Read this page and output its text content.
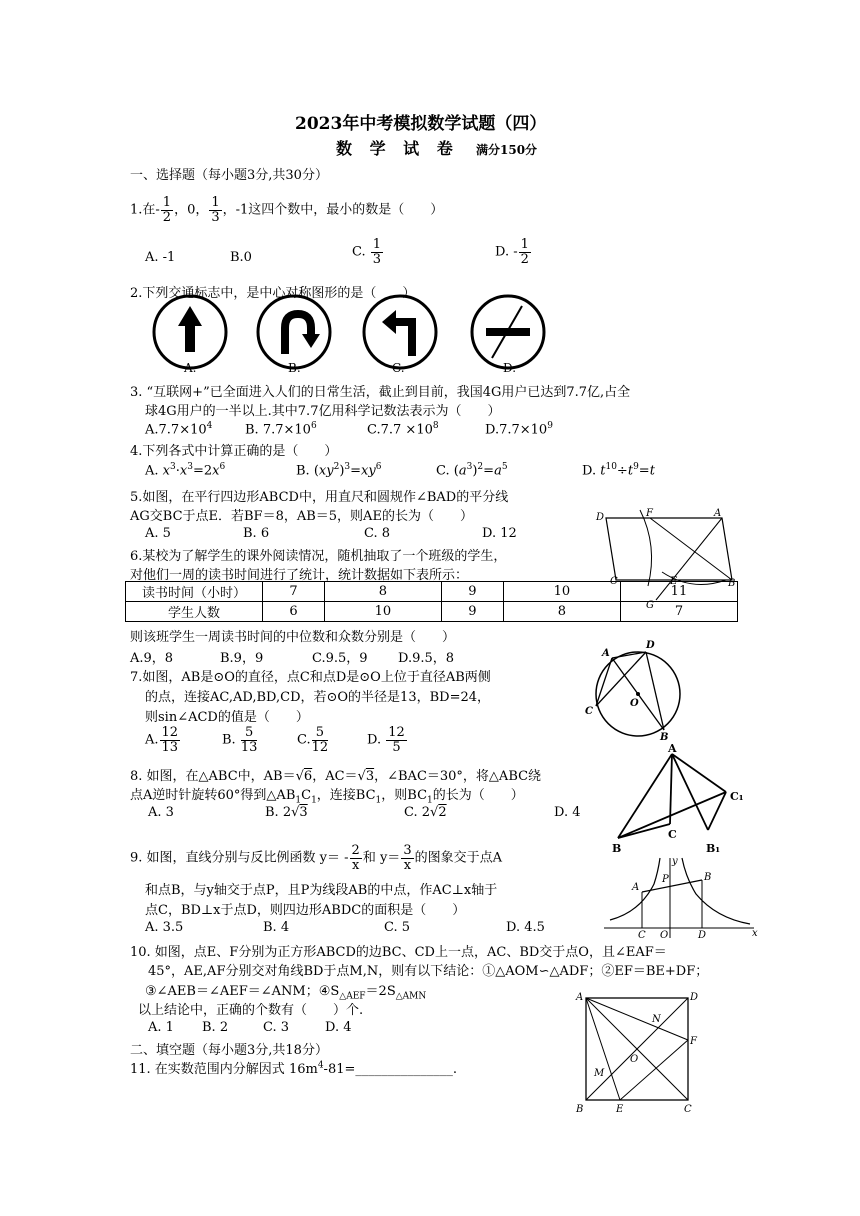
2023年中考模拟数学试题（四）
数 学 试 卷 满分150分
一、选择题（每小题3分,共30分）
1.在- $\frac{1}{2}$ ，0， $\frac{1}{3}$ ，-1这四个数中，最小的数是（　　）
A. -1	B.0	C. $\frac{1}{3}$	D. - $\frac{1}{2}$
2.下列交通标志中，是中心对称图形的是（　　）
A.	B.	C.	D.
3. “互联网+”已全面进入人们的日常生活，截止到目前，我国4G用户已达到7.7亿,占全
球4G用户的一半以上.其中7.7亿用科学记数法表示为（　　）
$A.7.7\times 10^4$	B. $7.7\times 10^6$	$C.7.7 \times 10^8$	$D.7.7\times 10^9$
4.下列各式中计算正确的是（　　）
A. $x^3\cdot x^3=2x^6$	B. $(xy^2)^3=xy^6$	C. $(a^3)^2=a^5$	D. $t^{10}\div t^9=t$
5.如图，在平行四边形ABCD中，用直尺和圆规作∠BAD的平分线
AG交BC于点E．若BF＝8，AB＝5，则AE的长为（　　）
A. 5	B. 6	C. 8	D. 12
D	F	A
C	E	B
G
6.某校为了解学生的课外阅读情况，随机抽取了一个班级的学生，
对他们一周的读书时间进行了统计，统计数据如下表所示：
读书时间（小时）	7	8	9	10	11
学生人数	6	10	9	8	7
则该班学生一周读书时间的中位数和众数分别是（　　）
A.9，8	B.9，9	C.9.5，9 D.9.5，8
7.如图，AB是⊙O的直径，点C和点D是⊙O上位于直径AB两侧
的点，连接AC,AD,BD,CD，若⊙O的半径是13，BD=24，
则sin∠ACD的值是（　　）
A. $\frac{12}{13}$	B. $\frac{5}{13}$	C. $\frac{5}{12}$	D. $\frac{12}{5}$
A
D
C
O
B
8. 如图，在△ABC中，AB＝√6，AC＝√3，∠BAC＝30°，将△ABC绕
点A逆时针旋转60°得到$\triangle AB_1C_1$，连接$BC_1$，则$BC_1$的长为（　　）
A. 3	B. 2√3	C. 2√2	D. 4
A
C₁
C
B	B₁
9. 如图，直线分别与反比例函数 $y= - \frac{2}{x}$ 和 $y= \frac{3}{x}$ 的图象交于点A
和点B，与y轴交于点P，且P为线段AB的中点，作AC⊥x轴于
点C，BD⊥x于点D，则四边形ABDC的面积是（　　）
A. 3.5	B. 4	C. 5	D. 4.5
y
A
P	B
C O	D	x
10. 如图，点E、F分别为正方形ABCD的边BC、CD上一点，AC、BD交于点O，且∠EAF＝
45°，AE,AF分别交对角线BD于点M,N，则有以下结论：①△AOM∽△ADF；②EF＝BE+DF；
③∠AEB＝∠AEF＝∠ANM；$④S_{\triangle AEF}=2S_{\triangle AMN}$
以上结论中，正确的个数有（　　）个.
A. 1 B. 2	C. 3	D. 4
A	D
N
F
O
M
B	E	C
二、填空题（每小题3分,共18分）
11. 在实数范围内分解因式 $16m^4-81=\_\_\_\_\_\_\_\_\_\_\_\_\_\_\_$.
